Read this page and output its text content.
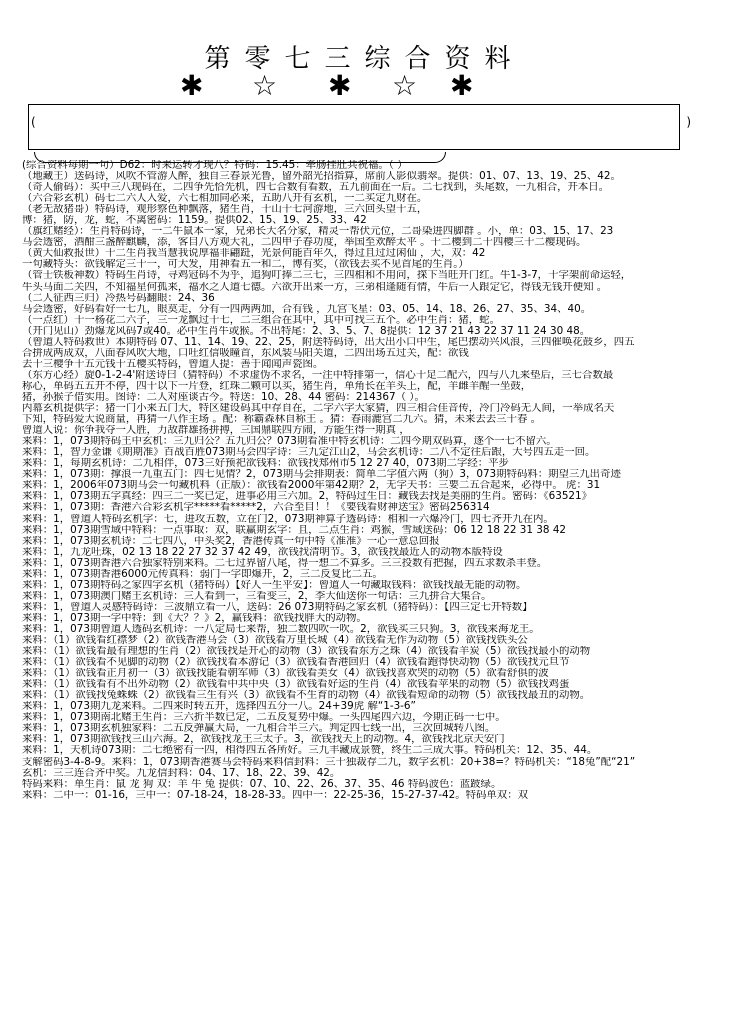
第零七三综合资料
✱ ☆ ✱ ☆ ✱
(	)
(综合资料每期一句）D62：时来运转才现八？特码：15.45：牵肠挂肚共祝福。（ ）
（地藏王）送码诗，风吹不管游人醉，独自三春景光鲁，留外韶光招指算，席前人影似翡翠。提供：01、07、13、19、25、42。
（奇人偷码）：买中三八现码在，二四争先恰先机，四七合数有看数，五九前面在一后。二七找到，头尾数，一九相合，开本日。
（六合彩玄机）码七二六人入爱，六七相加同必来，五助八开有玄机，一二买定九财在。
（老无敌猪哥）特码诗，观形察色种飘落，猪生肖，十山十七河游地，三六回头望十五，
博：猪，防，龙，蛇，不离密码：1159。提供02、15、19、25、33、42
（旗红赌经）：生肖特码诗，一二牛鼠本一家，兄弟长大名分家，精灵一帮伏元位，二哥染进四脚群 。小，单：03、15、17、23
马会透密，酒酣三盏醉麒麟，添，客目八方观大礼，二四甲子春功度，举国至欢醉太平 。十二樱到二十四樱三十二樱现码。
（黄大仙救报世）十二生肖我当慧我说厚福非翩跹，光景何能百年久，得过且过过闲仙 ，大，双：42
一句藏特头：欲钱解定三十一，可大发，用神看五一和二，博有奖，（欲钱去买不见首尾的生肖。）
（管士铁板神数）特码生肖诗，寻鸡冠码不为乎，追狗叮捧二三七，三四相和不用问，探下当旺开门红。牛1-3-7，十字架前命运轻，
牛头马面二关四，不知福星何孤来，福水之人道七德。六欲开出来一方，三弟相逢随有情，牛后一人跟定它，得钱无钱开便知 。
（二人征西三归）冷热号码翻眼：24、36
马会透密，好码看好一七九，眼莫走，分有一四两两加，合有钱 ，九宫飞星：03、05、14、18、26、27、35、34、40。
（一点红）十一杨花二六子，三一龙飘过十七，二三组合在其中，其中可找三五个。必中生肖：猪，蛇。
（开门见山）劲爆龙风码7或40。必中生肖牛或猴。不出特尾：2、3、5、7、8提供：12 37 21 43 22 37 11 24 30 48。
（曾道人特码救世）本期特码 07、11、14、19、22、25，附送特码诗，出大出小口中生，尾巴摆动兴风浪，三四催唤花鼓乡，四五
合拼成两成双，八面春风吹大地，口吐红信吸瞳首，东风装马阳关道，二四出场五过关，配：欲钱
去十三樱争十五元钱十五樱买特码，曾道人提：善于闻闻声瓷图。
（东方心经）旋0-1-2-4'附送诗曰（猜特码）不求虚伪不求名，一注中特排第一，信心十足二配六，四与八九来垫后，三七合数最
称心，单码五五开不停，四十以下一片登，红珠二颗可以买，猪生肖，单角长在羊头上，配，羊雌羊醒一坐鼓，
猪，孙猴子借实用。图诗：二人对座谈古今。特送：10、28、44 密码：214367（ ）。
内幕玄机提供字：猪一门小来五门大，特区建设码其中存自在，二字六字大家猜，四三相合佳音传，冷门冷码无人间，一举成名天
下知，特码爱大说商量，再猜一八作主场 。配：称霸森林自称王 。猜：春雨漉宫二九六。猜，未来去去三十春 。
曾道人说：你争我夺一人胜，力敌群雄扬拼搏，三国鼎联四方闹，方能生得一期真 ，
来料：1，073期特码王中玄机：三九归公？五九归公？073期看准中特玄机诗：二四今期双码算，逐个一七不留六。
来料：1，智力金谦《期期准》百战百胜073期马会四字诗：三九定江山2，马会玄机诗：二八不定往后跟，大号四五走一回。
来料：1，每期玄机诗：二九相伴，073三好预祀欲钱料：欲钱找郑州市5 12 27 40，073期二字经：平步
来料：1，073期：撑浪一九重五门：四七见情？2，073期马会排期表：简单二字值六两（狗）3，073期特码料：期望三九出奇迹
来料：1，2006年073期马会一句藏机料（正版）：欲钱看2000年第42期？2，无字天书：三要二五合起来，必得中。 虎：31
来料：1，073期五字真经：四三二一奖已定，进事必用三六加。2，特码过生日：藏钱去找是美丽的生肖。密码：《63521》
来料：1，073期：香港六合彩玄机字*****看*****2，六合至目！！《要钱看财神送宝》密码256314
来料：1，曾道人特码玄机字：七，进攻五数，立在门2，073期神算子透码诗：相和一六爆冷门，四七齐开九在内。
来料：1，073期雪域中特料：一点事取：双，联赢期玄字：且，二点生肖：鸡猴，雪域送码：06 12 18 22 31 38 42
来料：1，073期玄机诗：二七四八，中头奖2，香港传真一句中特《准准》一心一意总回报
来料：1，九龙吐珠，02 13 18 22 27 32 37 42 49，欲钱找清明节。3，欲钱找最近人的动物本版特设
来料：1，073期香港六合独家特别来料。二七过界留八尾，得一想二不算多。三三投数有把握，四五求数杀丰登。
来料：1，073期香港6000元传真料：弱门一字即爆开，2，三二反复比二五。
来料：1，073期特码之家四字玄机（猪特码）【好人一生平安】：曾道人一句藏取钱料：欲钱找最无能的动物。
来料：1，073期澳门赌王玄机诗：三人看到一，三看变三，2，李大仙送你一句话：三九拼合大集合。
来料：1，曾道人灵感特码诗：三波鼎立看一八，送码：26 073期特码之家玄机（猪特码）：【四三定七开特数】
来料：1，073期一字中特：到《大？？》2，赢钱料：欲钱找胖大的动物。
来料：1，073期曾道人透码玄机诗：一八定局七来帮，独二数四吹一吹。2，欲钱买三只狗。3，欲钱来海龙王。
来料：（1）欲钱看红襟梦（2）欲钱香港马会（3）欲钱看万里长城（4）欲钱看无作为动物（5）欲钱找铁头公
来料：（1）欲钱看最有理想的生肖（2）欲钱找是开心的动物（3）欲钱看东方之珠（4）欲钱看羊炭（5）欲钱找最小的动物
来料：（1）欲钱看不见脚的动物（2）欲钱找看本游记（3）欲钱看香港回归（4）欲钱看跑得快动物（5）欲钱找元旦节
来料：（1）欲钱看正月初一（3）欲钱找能看朝军师（3）欲钱看美女（4）欲钱找喜欢哭的动物（5）欲看舒俱的波
来料：（1）欲钱看有不出外动物（2）欲钱看中共中央（3）欲钱看好运的生肖（4）欲钱看苹果的动物（5）欲钱找鸡蛋
来料：（1）欲钱找兔蛛蛛（2）欲钱看三生有兴（3）欲钱看不生育的动物（4）欲钱看短命的动物（5）欲钱找最丑的动物。
来料：1，073期九龙来料。二四来时转五开，选择四五分一八。24+39虎 解“1-3-6”
来料：1，073期南北赌王生肖：三六折半数已定，二五反复势中爆。一头四尾四六边，今期正码一七中。
来料：1，073期玄机独家料：二五反弹赢大局，一九相合半三六。判定四七线一出，三次回城转八图。
来料：1，073期欲钱找三山六海。2，欲钱找龙王三太子。3，欲钱找天上的动物。4，欲钱找北京天安门
来料：1，天机诗073期：二七绝密有一四，相得四五各所好。三九丰藏成景赞，终生二三成大事。特码机关：12、35、44。
支解密码3-4-8-9。来料：1，073期香港赛马会特码来料信封料：三十独裁存二九，数字玄机：20+38=？特码机关：“18兔”配“21”
玄机：三三连合齐中奖。九龙信封料：04、17、18、22、39、42。
特码来料：单生肖：鼠 龙 狗 双：羊 牛 兔 提供：07、10、22、26、37、35、46 特码波色：蓝跛绿。
来料：二中一：01-16，三中一：07-18-24，18-28-33。四中一：22-25-36，15-27-37-42。特码单双：双
